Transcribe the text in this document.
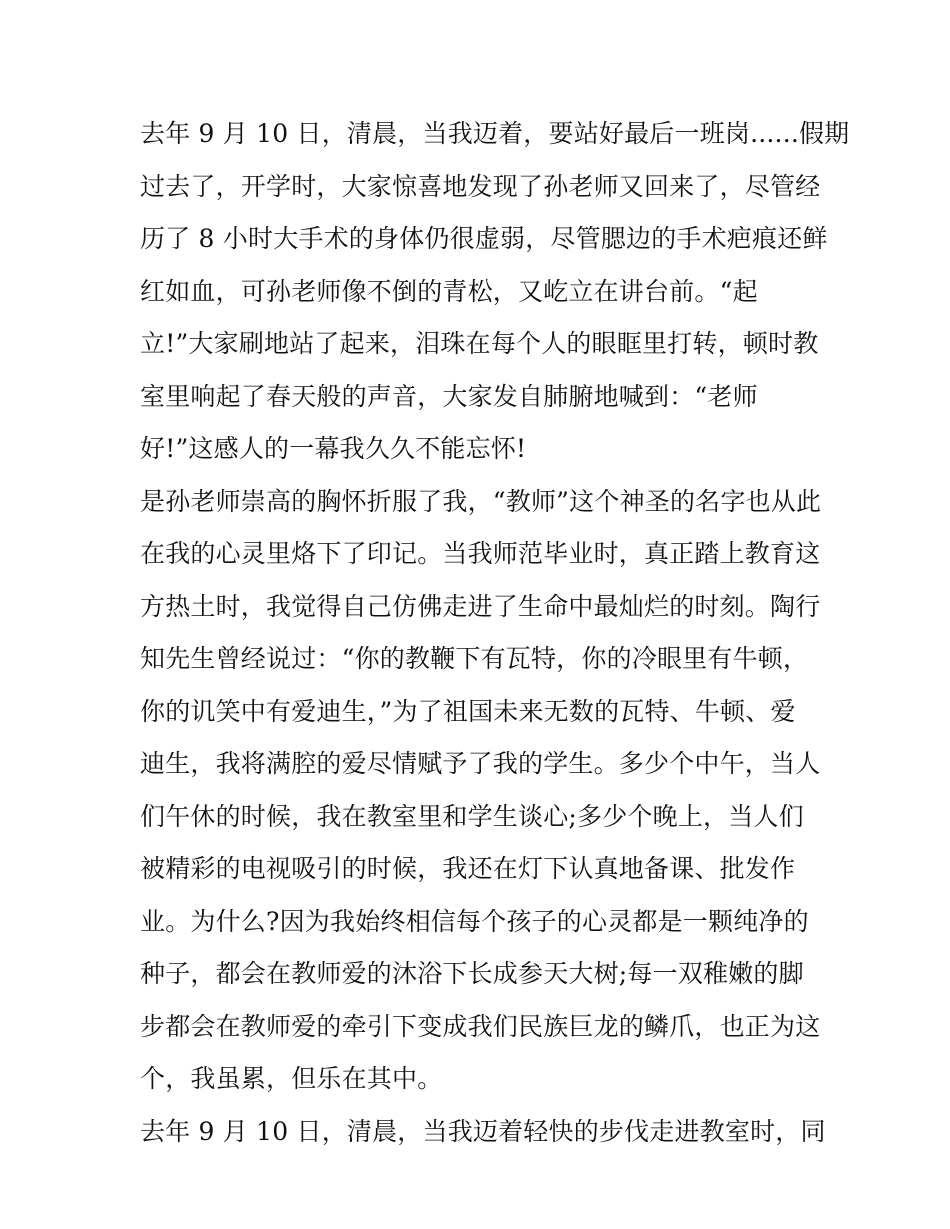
去年 9 月 10 日，清晨，当我迈着，要站好最后一班岗......假期
过去了，开学时，大家惊喜地发现了孙老师又回来了，尽管经
历了 8 小时大手术的身体仍很虚弱，尽管腮边的手术疤痕还鲜
红如血，可孙老师像不倒的青松，又屹立在讲台前。“起
立!”大家刷地站了起来，泪珠在每个人的眼眶里打转，顿时教
室里响起了春天般的声音，大家发自肺腑地喊到：“老师
好!”这感人的一幕我久久不能忘怀!
是孙老师崇高的胸怀折服了我，“教师”这个神圣的名字也从此
在我的心灵里烙下了印记。当我师范毕业时，真正踏上教育这
方热土时，我觉得自己仿佛走进了生命中最灿烂的时刻。陶行
知先生曾经说过：“你的教鞭下有瓦特，你的冷眼里有牛顿，
你的讥笑中有爱迪生，”为了祖国未来无数的瓦特、牛顿、爱
迪生，我将满腔的爱尽情赋予了我的学生。多少个中午，当人
们午休的时候，我在教室里和学生谈心;多少个晚上，当人们
被精彩的电视吸引的时候，我还在灯下认真地备课、批发作
业。为什么?因为我始终相信每个孩子的心灵都是一颗纯净的
种子，都会在教师爱的沐浴下长成参天大树;每一双稚嫩的脚
步都会在教师爱的牵引下变成我们民族巨龙的鳞爪，也正为这
个，我虽累，但乐在其中。
去年 9 月 10 日，清晨，当我迈着轻快的步伐走进教室时，同
